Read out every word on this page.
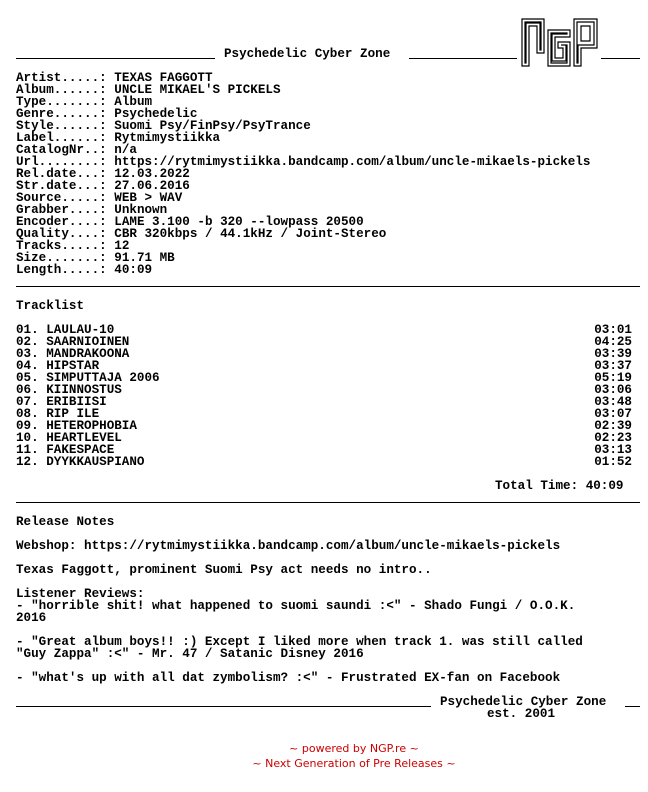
Psychedelic Cyber Zone
Artist.....: TEXAS FAGGOTT
Album......: UNCLE MIKAEL'S PICKELS
Type.......: Album
Genre......: Psychedelic
Style......: Suomi Psy/FinPsy/PsyTrance
Label......: Rytmimystiikka
CatalogNr..: n/a
Url........: https://rytmimystiikka.bandcamp.com/album/uncle-mikaels-pickels
Rel.date...: 12.03.2022
Str.date...: 27.06.2016
Source.....: WEB > WAV
Grabber....: Unknown
Encoder....: LAME 3.100 -b 320 --lowpass 20500
Quality....: CBR 320kbps / 44.1kHz / Joint-Stereo
Tracks.....: 12
Size.......: 91.71 MB
Length.....: 40:09
Tracklist
01. LAULAU-10	03:01
02. SAARNIOINEN	04:25
03. MANDRAKOONA	03:39
04. HIPSTAR	03:37
05. SIMPUTTAJA 2006	05:19
06. KIINNOSTUS	03:06
07. ERIBIISI	03:48
08. RIP ILE	03:07
09. HETEROPHOBIA	02:39
10. HEARTLEVEL	02:23
11. FAKESPACE	03:13
12. DYYKKAUSPIANO	01:52
Total Time: 40:09
Release Notes
Webshop: https://rytmimystiikka.bandcamp.com/album/uncle-mikaels-pickels
Texas Faggott, prominent Suomi Psy act needs no intro..
Listener Reviews:
- "horrible shit! what happened to suomi saundi :<" - Shado Fungi / O.O.K.
2016
- "Great album boys!! :) Except I liked more when track 1. was still called
"Guy Zappa" :<" - Mr. 47 / Satanic Disney 2016
- "what's up with all dat zymbolism? :<" - Frustrated EX-fan on Facebook
Psychedelic Cyber Zone
est. 2001
~ powered by NGP.re ~
~ Next Generation of Pre Releases ~
